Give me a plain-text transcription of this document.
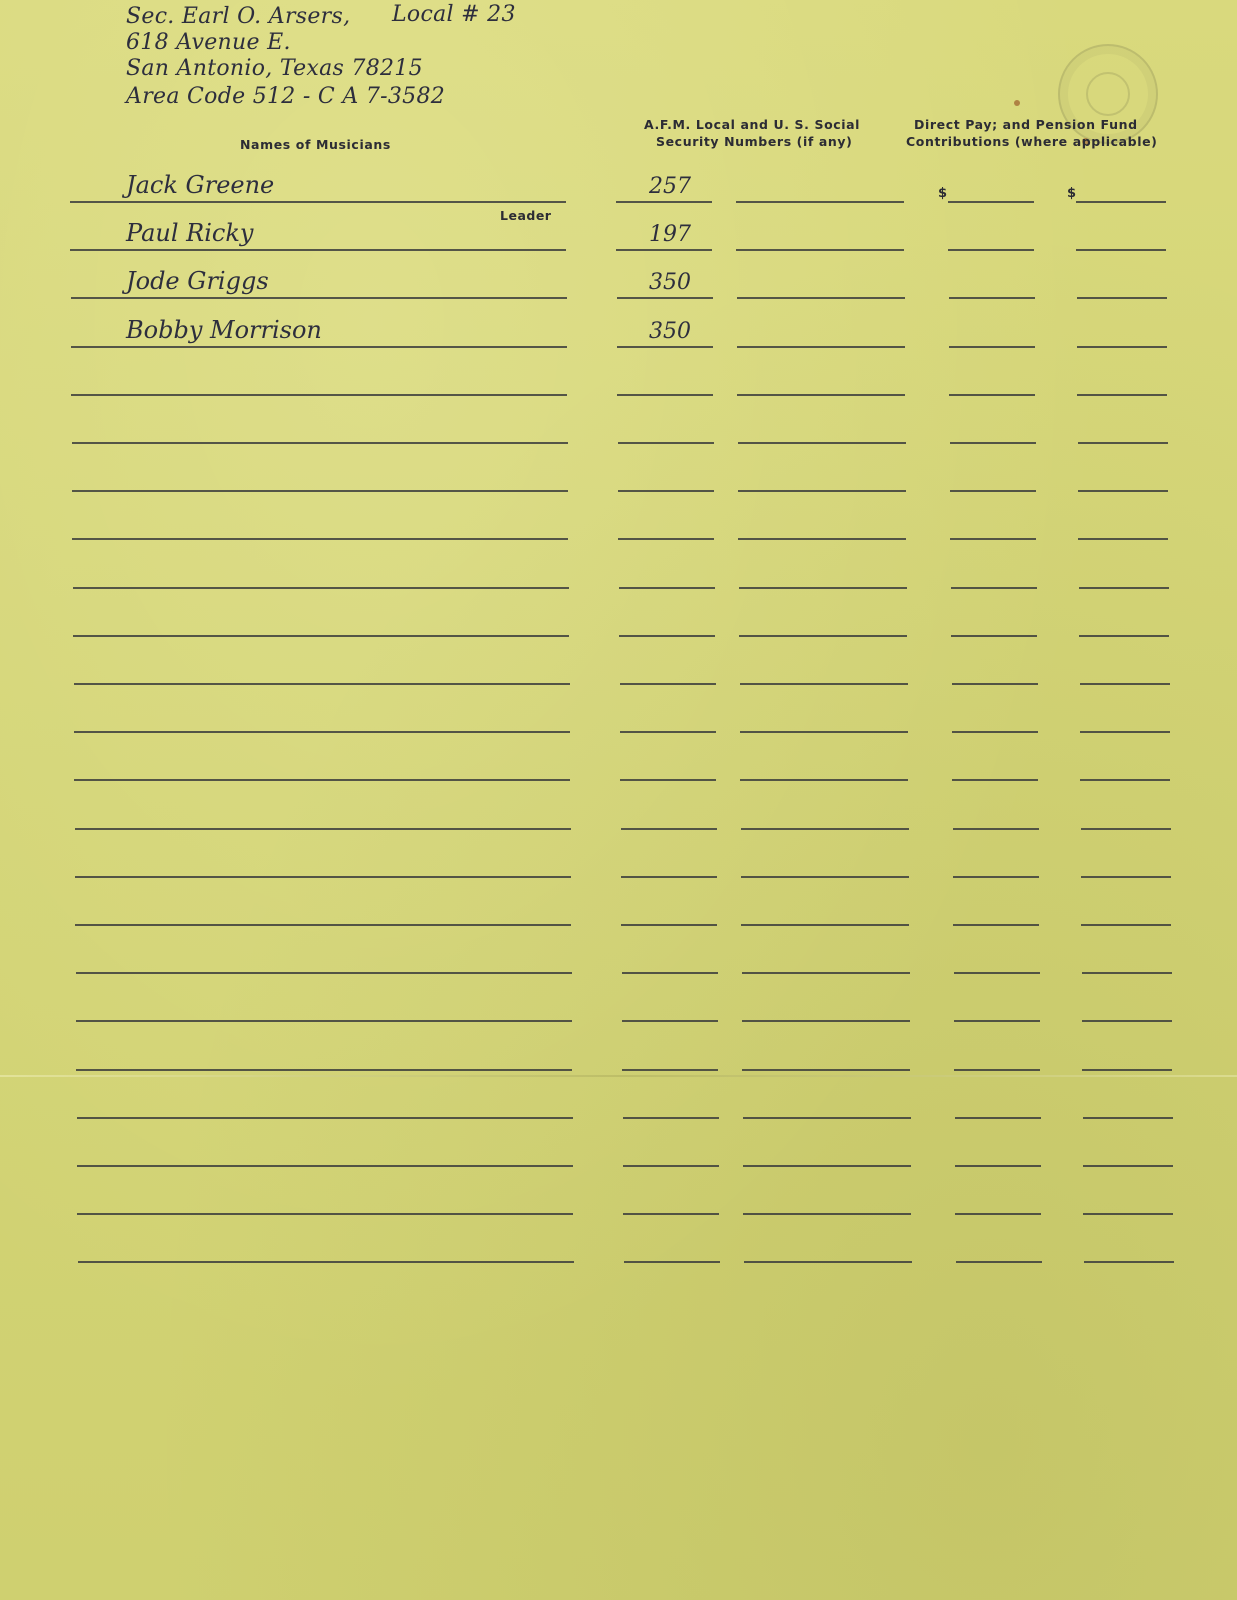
Sec. Earl O. Arsers, Local # 23
618 Avenue E.
San Antonio, Texas 78215
Area Code 512 - C A 7-3582
Names of Musicians
A.F.M. Local and U. S. Social
Security Numbers (if any)
Direct Pay; and Pension Fund
Contributions (where applicable)
Leader
$	$
Jack Greene	257
Paul Ricky	197
Jode Griggs	350
Bobby Morrison	350
